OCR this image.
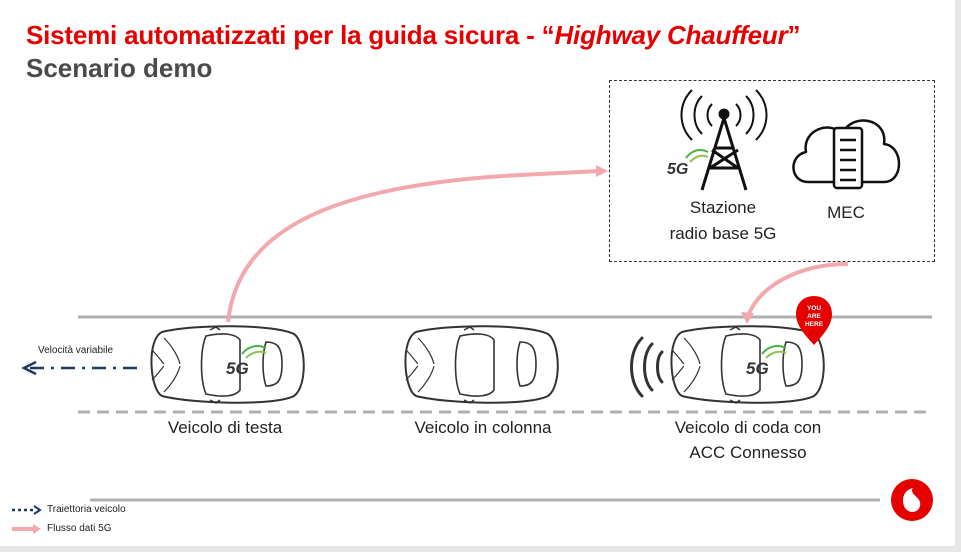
Sistemi automatizzati per la guida sicura - “Highway Chauffeur”
Scenario demo
5G	5G
YOU
ARE
HERE
5G
Stazione
radio base 5G
MEC
Velocità variabile
Veicolo di testa	Veicolo in colonna	Veicolo di coda con
ACC Connesso
Traiettoria veicolo
Flusso dati 5G
